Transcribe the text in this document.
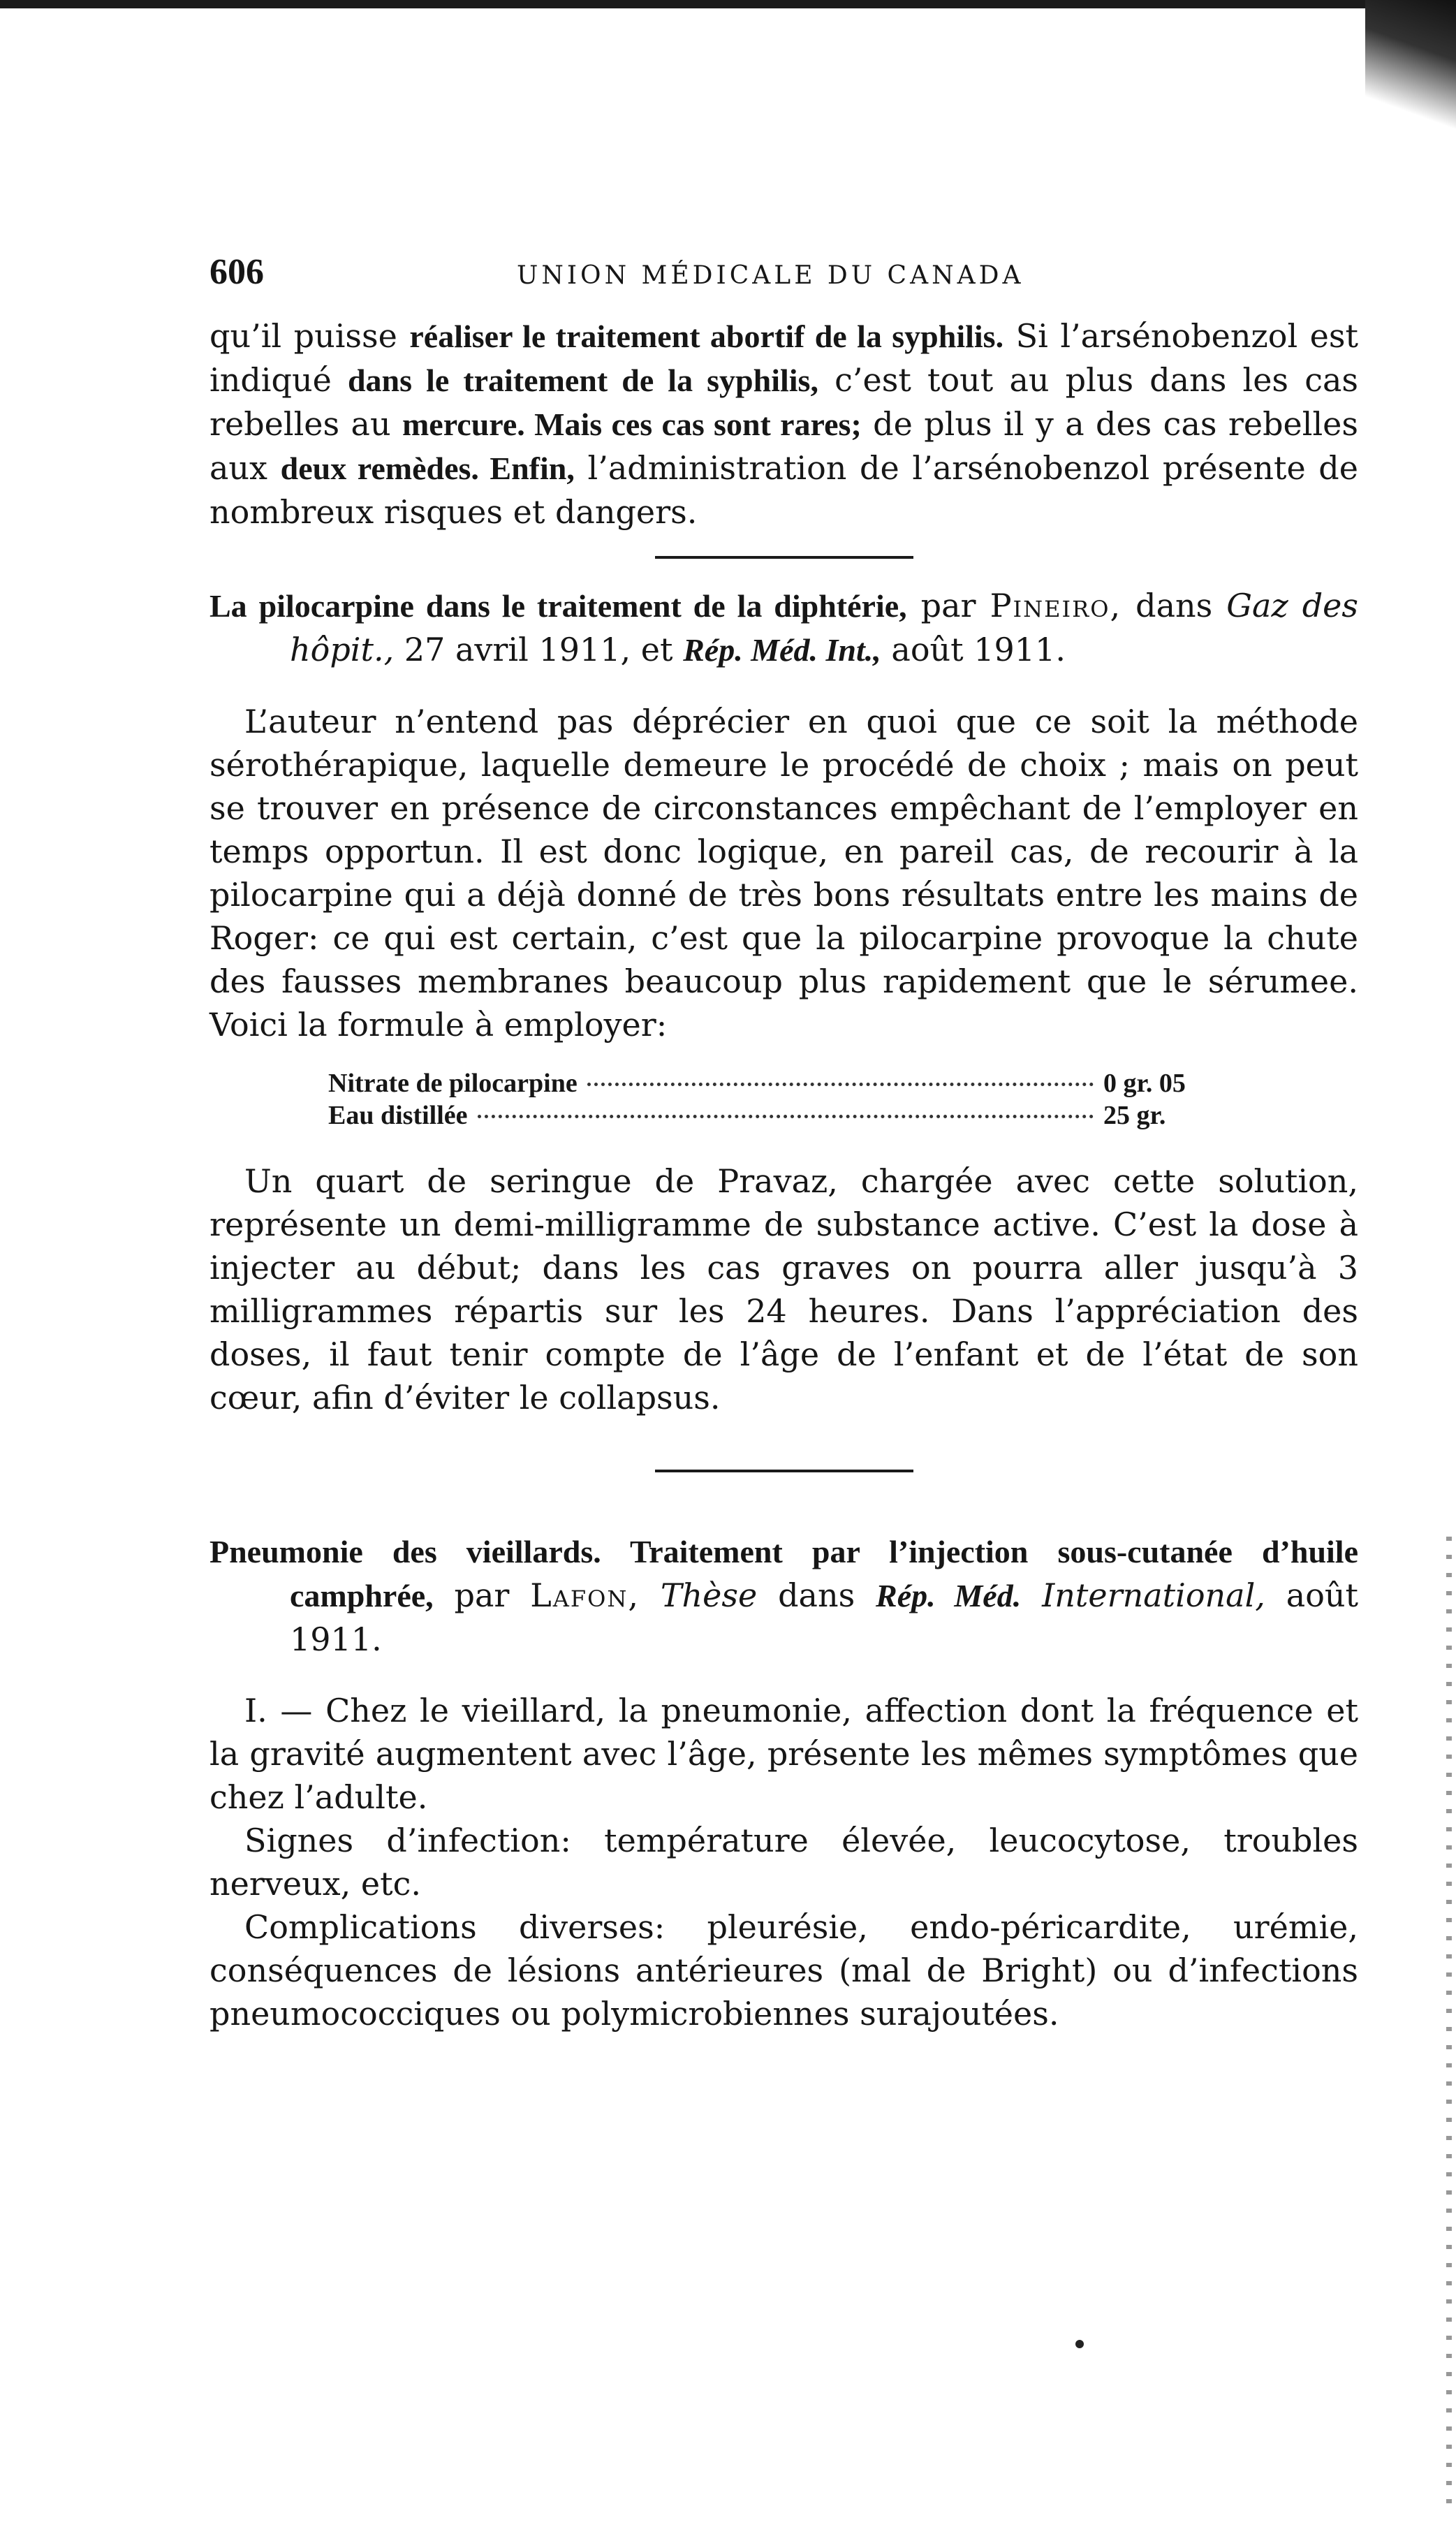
606	UNION MÉDICALE DU CANADA

qu’il puisse réaliser le traitement abortif de la syphilis. Si l’arsénobenzol est indiqué dans le traitement de la syphilis, c’est tout au plus dans les cas rebelles au mercure. Mais ces cas sont rares; de plus il y a des cas rebelles aux deux remèdes. Enfin, l’administration de l’arsénobenzol présente de nombreux risques et dangers.

La pilocarpine dans le traitement de la diphtérie, par Pineiro, dans Gaz des hôpit., 27 avril 1911, et Rép. Méd. Int., août 1911.

L’auteur n’entend pas déprécier en quoi que ce soit la méthode sérothérapique, laquelle demeure le procédé de choix ; mais on peut se trouver en présence de circonstances empêchant de l’employer en temps opportun. Il est donc logique, en pareil cas, de recourir à la pilocarpine qui a déjà donné de très bons résultats entre les mains de Roger: ce qui est certain, c’est que la pilocarpine provoque la chute des fausses membranes beaucoup plus rapidement que le sérumee. Voici la formule à employer:

Nitrate de pilocarpine	0 gr. 05
Eau distillée	25 gr.

Un quart de seringue de Pravaz, chargée avec cette solution, représente un demi-milligramme de substance active. C’est la dose à injecter au début; dans les cas graves on pourra aller jusqu’à 3 milligrammes répartis sur les 24 heures. Dans l’appréciation des doses, il faut tenir compte de l’âge de l’enfant et de l’état de son cœur, afin d’éviter le collapsus.

Pneumonie des vieillards. Traitement par l’injection sous-cutanée d’huile camphrée, par Lafon, Thèse dans Rép. Méd. International, août 1911.

I. — Chez le vieillard, la pneumonie, affection dont la fréquence et la gravité augmentent avec l’âge, présente les mêmes symptômes que chez l’adulte.

Signes d’infection: température élevée, leucocytose, troubles nerveux, etc.

Complications diverses: pleurésie, endo-péricardite, urémie, conséquences de lésions antérieures (mal de Bright) ou d’infections pneumococciques ou polymicrobiennes surajoutées.
